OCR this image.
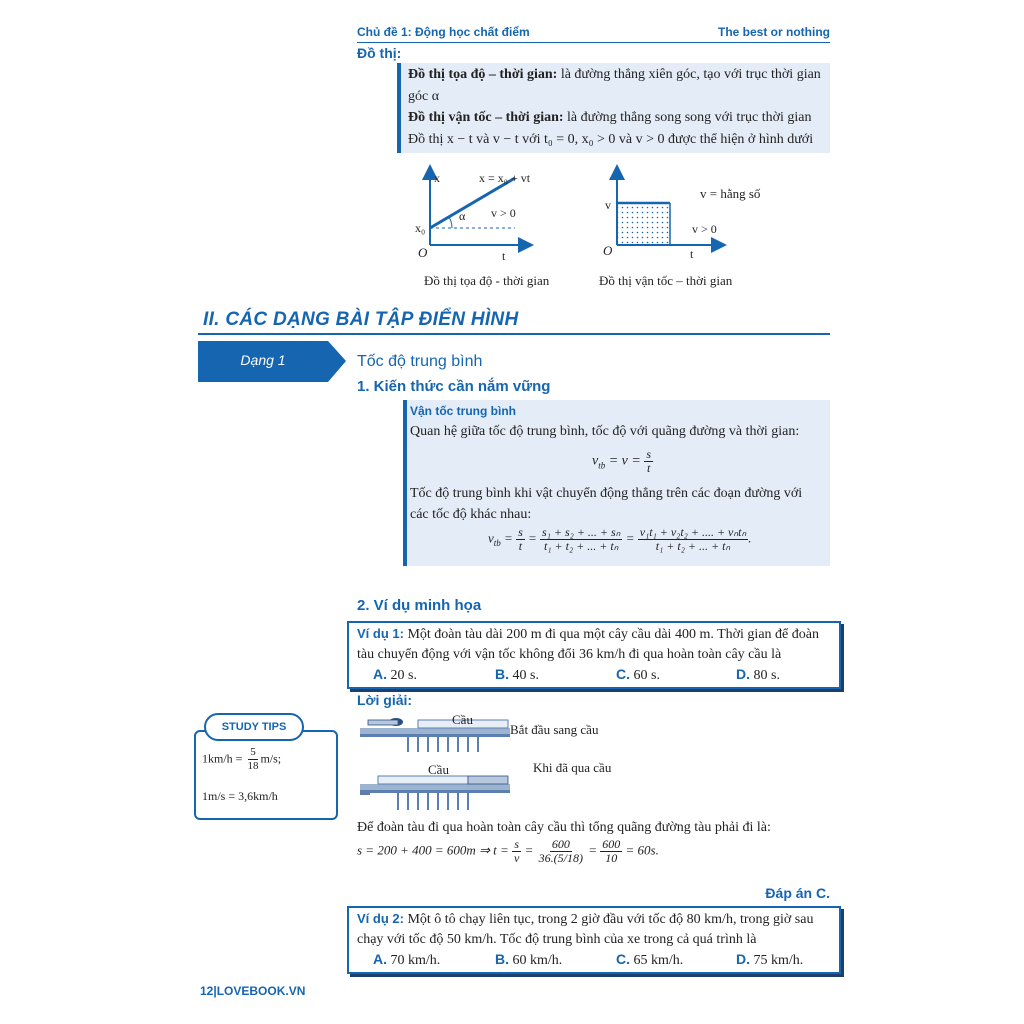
Chủ đề 1: Động học chất điểm	The best or nothing
Đồ thị:
Đồ thị tọa độ – thời gian: là đường thẳng xiên góc, tạo với trục thời gian
góc α
Đồ thị vận tốc – thời gian: là đường thẳng song song với trục thời gian
Đồ thị x − t và v − t với t₀ = 0, x₀ > 0 và v > 0 được thể hiện ở hình dưới
x	x = x₀ + vt
α v > 0
x₀
O	t
Đồ thị tọa độ - thời gian
v
v = hằng số
v > 0
O	t
Đồ thị vận tốc – thời gian
II. CÁC DẠNG BÀI TẬP ĐIỂN HÌNH
Dạng 1	Tốc độ trung bình
1. Kiến thức cần nắm vững
Vận tốc trung bình
Quan hệ giữa tốc độ trung bình, tốc độ với quãng đường và thời gian:
$v_{tb} = v = \frac{s}{t}$
Tốc độ trung bình khi vật chuyển động thẳng trên các đoạn đường với
các tốc độ khác nhau:
$v_{tb} = \frac{s}{t} = \frac{\text{s₁ + s₂ + ... + sₙ}}{\text{t₁ + t₂ + ... + tₙ}} = \frac{\text{v₁t₁ + v₂t₂ + .... + vₙtₙ}}{\text{t₁ + t₂ + ... + tₙ}}$ .
2. Ví dụ minh họa
Ví dụ 1: Một đoàn tàu dài 200 m đi qua một cây cầu dài 400 m. Thời gian để đoàn
tàu chuyển động với vận tốc không đổi 36 km/h đi qua hoàn toàn cây cầu là
A. 20 s.	B. 40 s.	C. 60 s.	D. 80 s.
Lời giải:
Cầu
Bắt đầu sang cầu
Cầu	Khi đã qua cầu
Để đoàn tàu đi qua hoàn toàn cây cầu thì tổng quãng đường tàu phải đi là:
s = 200 + 400 = 600m ⇒ $t = \frac{s}{v} = \frac{600}{36.(5/18)} = \frac{600}{10} = 60s$.
Đáp án C.
STUDY TIPS
$1km/h = \frac{5}{18} m/s$;
1m/s = 3,6km/h
Ví dụ 2: Một ô tô chạy liên tục, trong 2 giờ đầu với tốc độ 80 km/h, trong giờ sau
chạy với tốc độ 50 km/h. Tốc độ trung bình của xe trong cả quá trình là
A. 70 km/h.	B. 60 km/h.	C. 65 km/h.	D. 75 km/h.
12|LOVEBOOK.VN
